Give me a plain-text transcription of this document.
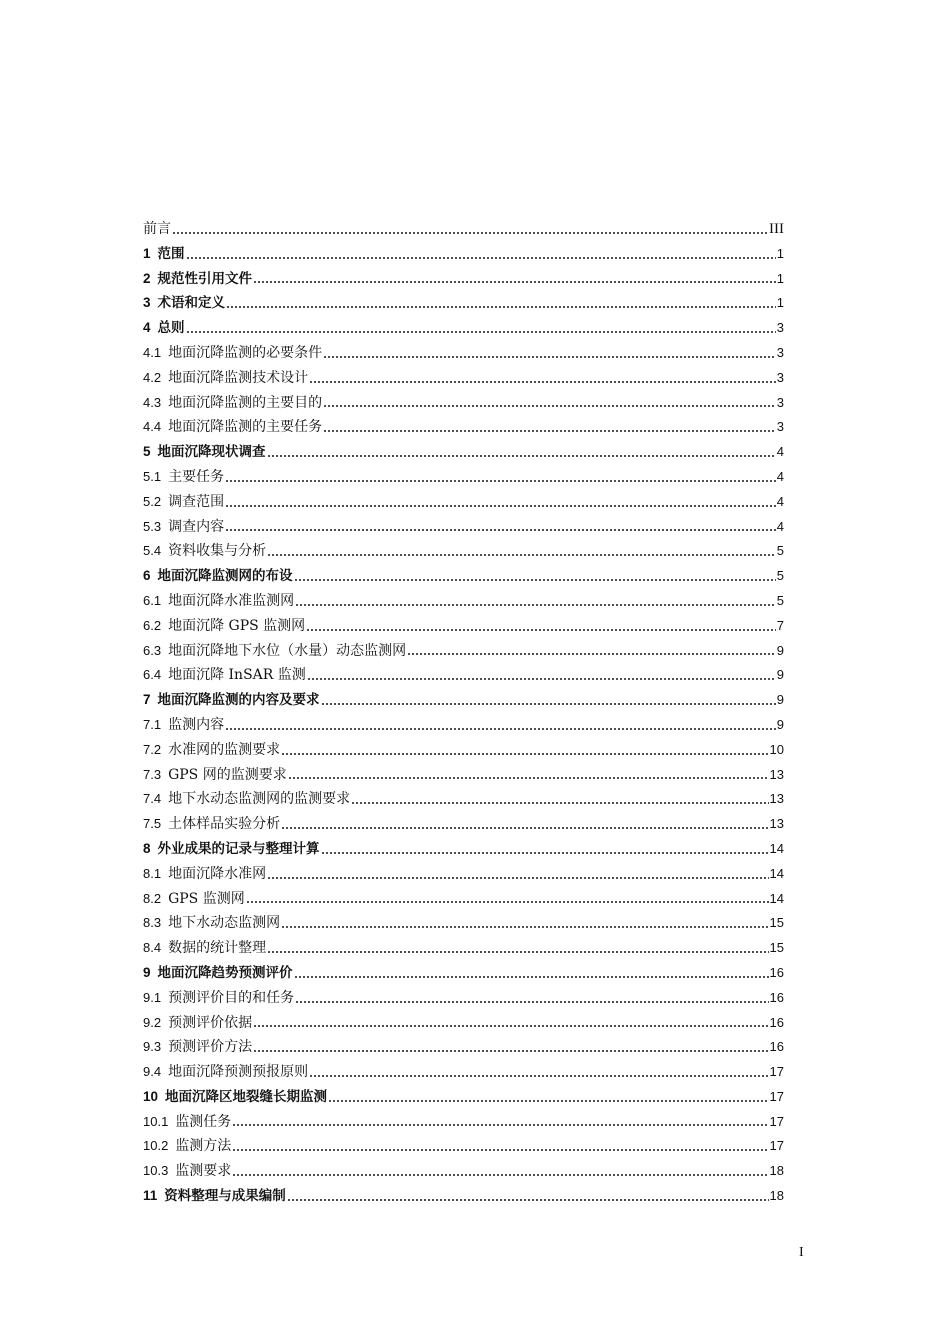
前言	III
1 范围	1
2 规范性引用文件	1
3 术语和定义	1
4 总则	3
4.1 地面沉降监测的必要条件	3
4.2 地面沉降监测技术设计	3
4.3 地面沉降监测的主要目的	3
4.4 地面沉降监测的主要任务	3
5 地面沉降现状调查	4
5.1 主要任务	4
5.2 调查范围	4
5.3 调查内容	4
5.4 资料收集与分析	5
6 地面沉降监测网的布设	5
6.1 地面沉降水准监测网	5
6.2 地面沉降 GPS 监测网	7
6.3 地面沉降地下水位（水量）动态监测网	9
6.4 地面沉降 InSAR 监测	9
7 地面沉降监测的内容及要求	9
7.1 监测内容	9
7.2 水准网的监测要求	10
7.3 GPS 网的监测要求	13
7.4 地下水动态监测网的监测要求	13
7.5 土体样品实验分析	13
8 外业成果的记录与整理计算	14
8.1 地面沉降水准网	14
8.2 GPS 监测网	14
8.3 地下水动态监测网	15
8.4 数据的统计整理	15
9 地面沉降趋势预测评价	16
9.1 预测评价目的和任务	16
9.2 预测评价依据	16
9.3 预测评价方法	16
9.4 地面沉降预测预报原则	17
10 地面沉降区地裂缝长期监测	17
10.1 监测任务	17
10.2 监测方法	17
10.3 监测要求	18
11 资料整理与成果编制	18
I
